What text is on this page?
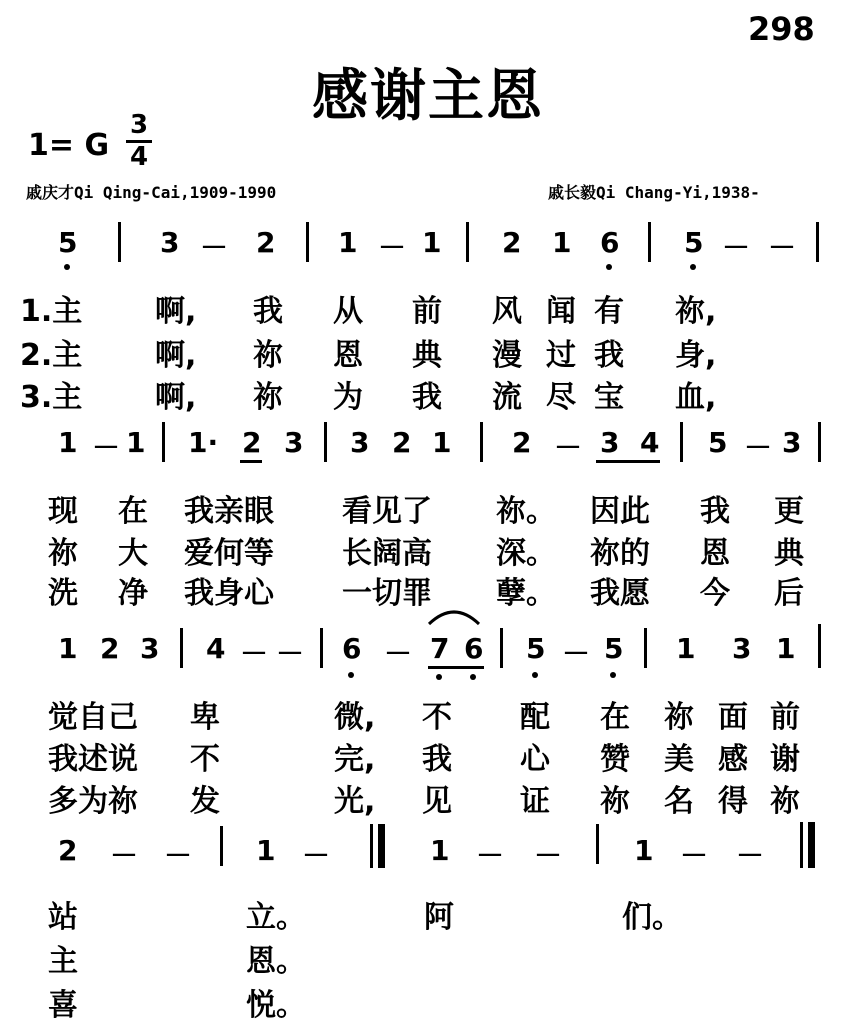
298
感谢主恩
1= G
3
4
戚庆才Qi Qing-Cai,1909-1990	戚长毅Qi Chang-Yi,1938-
5	3 － 2 1 － 1 2 1 6 5 － －
1.主 啊, 我 从 前 风 闻 有 祢,
2.主 啊, 祢 恩 典 漫 过 我 身,
3.主 啊, 祢 为 我 流 尽 宝 血,
1 － 1 1· 2 3 3 2 1 2 － 3 4 5 － 3
现 在 我亲眼 看见了 祢。 因此 我 更
祢 大 爱何等 长阔高 深。 祢的 恩 典
洗 净 我身心 一切罪 孽。 我愿 今 后
1 2 3 4 － － 6 － 7 6 5 － 5 1 3 1
觉自己 卑	微, 不 配 在 祢 面 前
我述说 不	完, 我 心 赞 美 感 谢
多为祢 发	光, 见 证 祢 名 得 祢
2 － － 1 －	1 － －	1 － －
站	立。	阿	们。
主	恩。
喜	悦。
